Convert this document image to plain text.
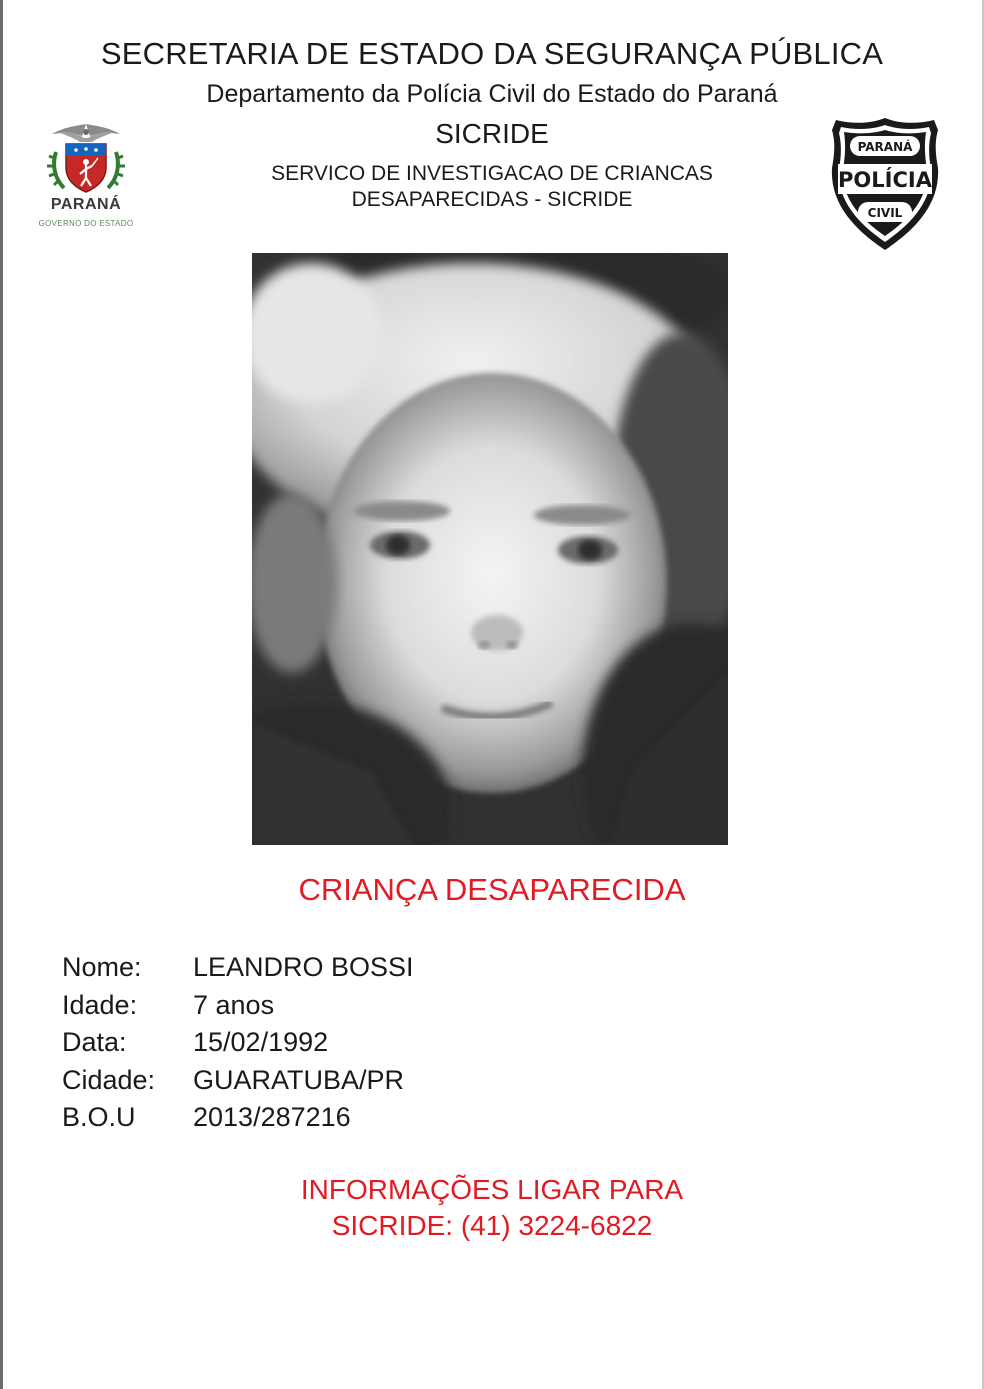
SECRETARIA DE ESTADO DA SEGURANÇA PÚBLICA
Departamento da Polícia Civil do Estado do Paraná
SICRIDE
SERVICO DE INVESTIGACAO DE CRIANCAS
DESAPARECIDAS - SICRIDE
PARANÁ
GOVERNO DO ESTADO
PARANÁ
POLÍCIA
CIVIL
CRIANÇA DESAPARECIDA
Nome: LEANDRO BOSSI
Idade: 7 anos
Data: 15/02/1992
Cidade: GUARATUBA/PR
B.O.U 2013/287216
INFORMAÇÕES LIGAR PARA
SICRIDE: (41) 3224-6822
